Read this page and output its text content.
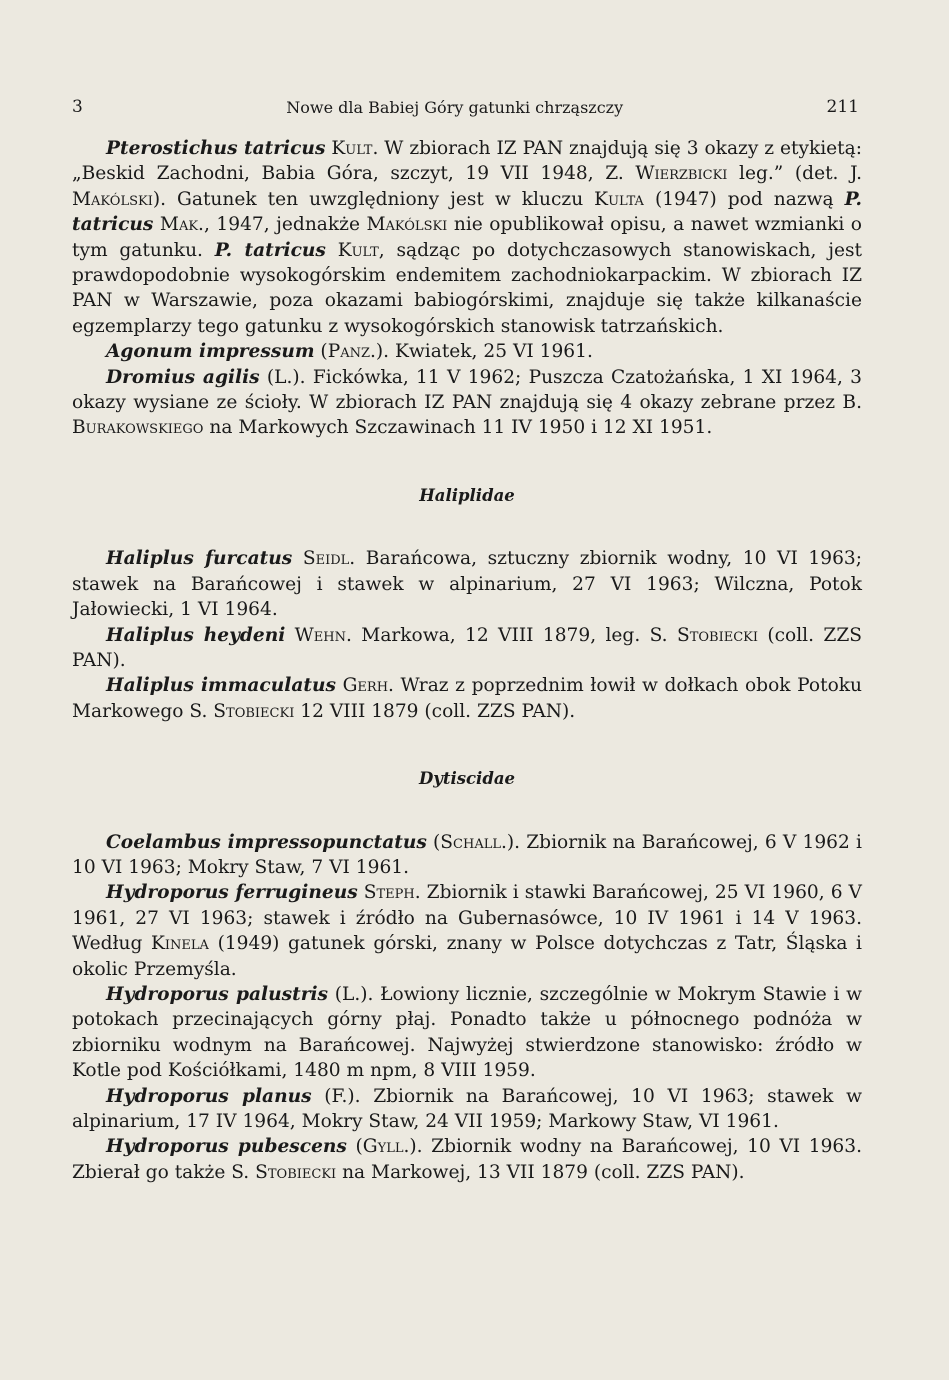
3	Nowe dla Babiej Góry gatunki chrząszczy	211

Pterostichus tatricus Kult. W zbiorach IZ PAN znajdują się 3 okazy z etykietą: „Beskid Zachodni, Babia Góra, szczyt, 19 VII 1948, Z. Wierzbicki leg.” (det. J. Makólski). Gatunek ten uwzględniony jest w kluczu Kulta (1947) pod nazwą P. tatricus Mak., 1947, jednakże Makólski nie opublikował opisu, a nawet wzmianki o tym gatunku. P. tatricus Kult, sądząc po dotychczasowych stanowiskach, jest prawdopodobnie wysokogórskim endemitem zachodniokarpackim. W zbiorach IZ PAN w Warszawie, poza okazami babiogórskimi, znajduje się także kilkanaście egzemplarzy tego gatunku z wysokogórskich stanowisk tatrzańskich.

Agonum impressum (Panz.). Kwiatek, 25 VI 1961.

Dromius agilis (L.). Fickówka, 11 V 1962; Puszcza Czatożańska, 1 XI 1964, 3 okazy wysiane ze ścioły. W zbiorach IZ PAN znajdują się 4 okazy zebrane przez B. Burakowskiego na Markowych Szczawinach 11 IV 1950 i 12 XI 1951.

Haliplidae

Haliplus furcatus Seidl. Barańcowa, sztuczny zbiornik wodny, 10 VI 1963; stawek na Barańcowej i stawek w alpinarium, 27 VI 1963; Wilczna, Potok Jałowiecki, 1 VI 1964.

Haliplus heydeni Wehn. Markowa, 12 VIII 1879, leg. S. Stobiecki (coll. ZZS PAN).

Haliplus immaculatus Gerh. Wraz z poprzednim łowił w dołkach obok Potoku Markowego S. Stobiecki 12 VIII 1879 (coll. ZZS PAN).

Dytiscidae

Coelambus impressopunctatus (Schall.). Zbiornik na Barańcowej, 6 V 1962 i 10 VI 1963; Mokry Staw, 7 VI 1961.

Hydroporus ferrugineus Steph. Zbiornik i stawki Barańcowej, 25 VI 1960, 6 V 1961, 27 VI 1963; stawek i źródło na Gubernasówce, 10 IV 1961 i 14 V 1963. Według Kinela (1949) gatunek górski, znany w Polsce dotychczas z Tatr, Śląska i okolic Przemyśla.

Hydroporus palustris (L.). Łowiony licznie, szczególnie w Mokrym Stawie i w potokach przecinających górny płaj. Ponadto także u północnego podnóża w zbiorniku wodnym na Barańcowej. Najwyżej stwierdzone stanowisko: źródło w Kotle pod Kościółkami, 1480 m npm, 8 VIII 1959.

Hydroporus planus (F.). Zbiornik na Barańcowej, 10 VI 1963; stawek w alpinarium, 17 IV 1964, Mokry Staw, 24 VII 1959; Markowy Staw, VI 1961.

Hydroporus pubescens (Gyll.). Zbiornik wodny na Barańcowej, 10 VI 1963. Zbierał go także S. Stobiecki na Markowej, 13 VII 1879 (coll. ZZS PAN).
